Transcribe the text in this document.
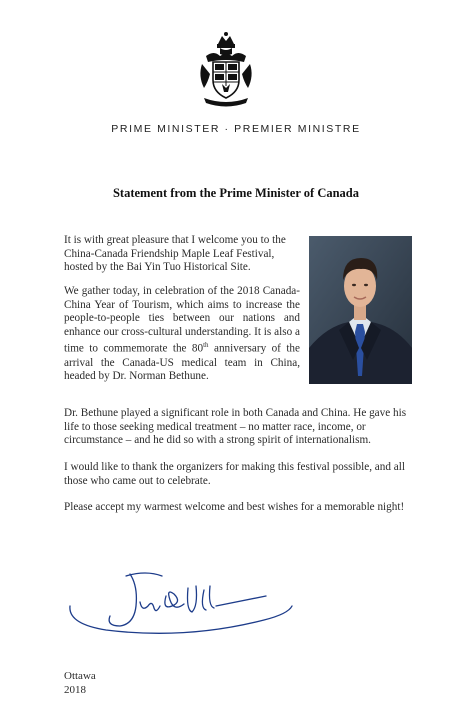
PRIME MINISTER · PREMIER MINISTRE
Statement from the Prime Minister of Canada

It is with great pleasure that I welcome you to the China-Canada Friendship Maple Leaf Festival, hosted by the Bai Yin Tuo Historical Site.

We gather today, in celebration of the 2018 Canada-China Year of Tourism, which aims to increase the people-to-people ties between our nations and enhance our cross-cultural understanding. It is also a time to commemorate the 80th anniversary of the arrival the Canada-US medical team in China, headed by Dr. Norman Bethune.

Dr. Bethune played a significant role in both Canada and China. He gave his life to those seeking medical treatment – no matter race, income, or circumstance – and he did so with a strong spirit of internationalism.

I would like to thank the organizers for making this festival possible, and all those who came out to celebrate.

Please accept my warmest welcome and best wishes for a memorable night!

Ottawa
2018
